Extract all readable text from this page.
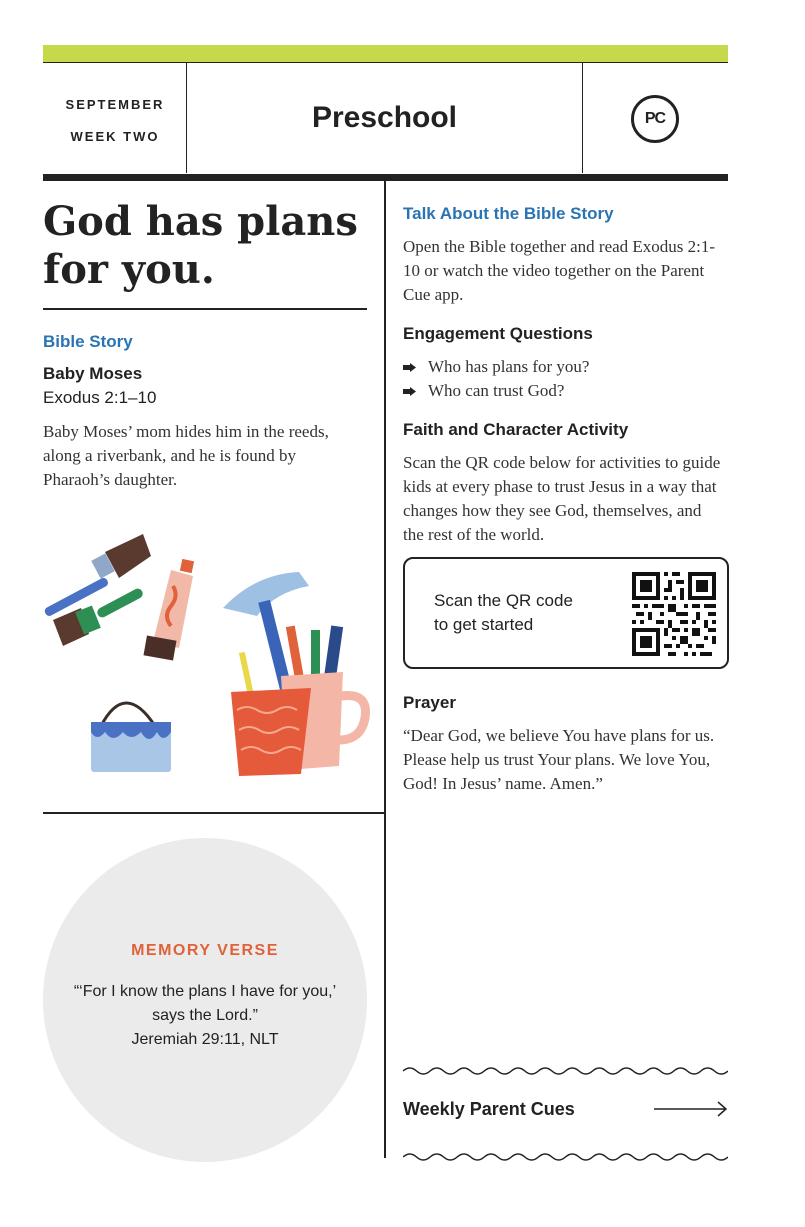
SEPTEMBER
WEEK TWO
Preschool	PC
God has plans for you.
Bible Story
Baby Moses
Exodus 2:1–10
Baby Moses’ mom hides him in the reeds, along a riverbank, and he is found by Pharaoh’s daughter.
MEMORY VERSE
“‘For I know the plans I have for you,’ says the Lord.”
Jeremiah 29:11, NLT
Talk About the Bible Story
Open the Bible together and read Exodus 2:1-10 or watch the video together on the Parent Cue app.
Engagement Questions
Who has plans for you?
Who can trust God?
Faith and Character Activity
Scan the QR code below for activities to guide kids at every phase to trust Jesus in a way that changes how they see God, themselves, and the rest of the world.
Scan the QR code
to get started
Prayer
“Dear God, we believe You have plans for us. Please help us trust Your plans. We love You, God! In Jesus’ name. Amen.”
Weekly Parent Cues
